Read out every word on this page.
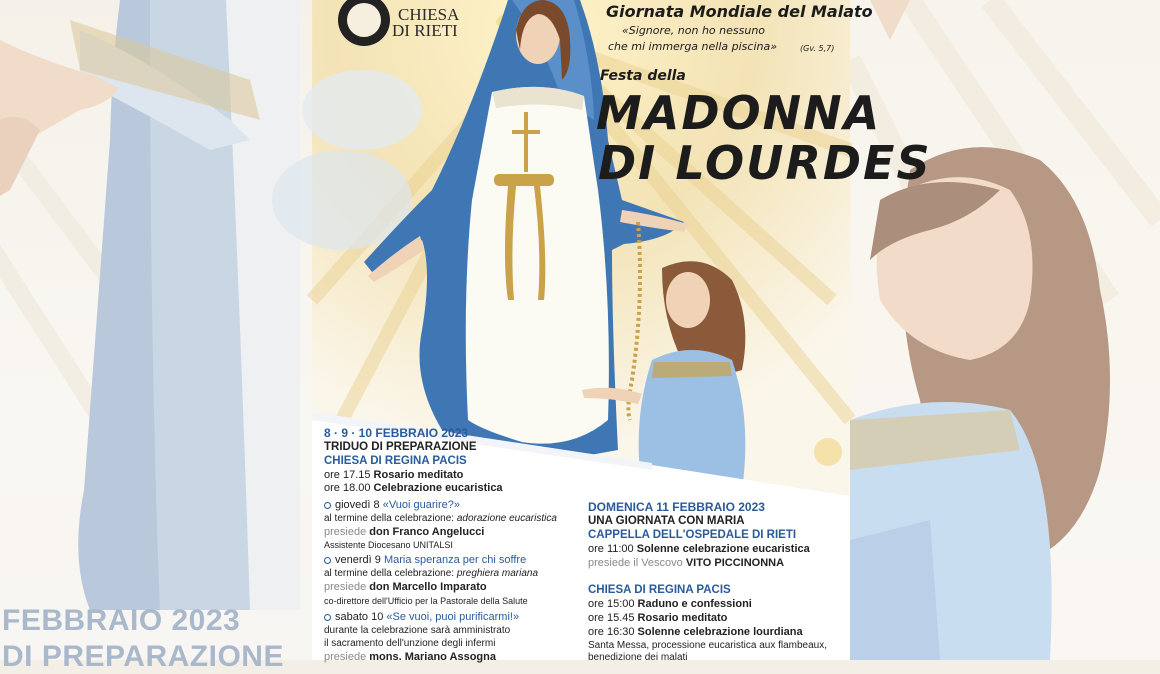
FEBBRAIO 2023
DI PREPARAZIONE
CHIESA
DI RIETI
Giornata Mondiale del Malato
«Signore, non ho nessuno
che mi immerga nella piscina»	(Gv. 5,7)
Festa della
MADONNA
DI LOURDES
8 · 9 · 10 FEBBRAIO 2023
TRIDUO DI PREPARAZIONE
CHIESA DI REGINA PACIS
ore 17.15 Rosario meditato
ore 18.00 Celebrazione eucaristica
giovedì 8 «Vuoi guarire?»
al termine della celebrazione: adorazione eucaristica
presiede don Franco Angelucci
Assistente Diocesano UNITALSI
venerdì 9 Maria speranza per chi soffre
al termine della celebrazione: preghiera mariana
presiede don Marcello Imparato
co-direttore dell'Ufficio per la Pastorale della Salute
sabato 10 «Se vuoi, puoi purificarmi!»
durante la celebrazione sarà amministrato
il sacramento dell'unzione degli infermi
presiede mons. Mariano Assogna
DOMENICA 11 FEBBRAIO 2023
UNA GIORNATA CON MARIA
CAPPELLA DELL'OSPEDALE DI RIETI
ore 11:00 Solenne celebrazione eucaristica
presiede il Vescovo VITO PICCINONNA
CHIESA DI REGINA PACIS
ore 15:00 Raduno e confessioni
ore 15.45 Rosario meditato
ore 16:30 Solenne celebrazione lourdiana
Santa Messa, processione eucaristica aux flambeaux,
benedizione dei malati
